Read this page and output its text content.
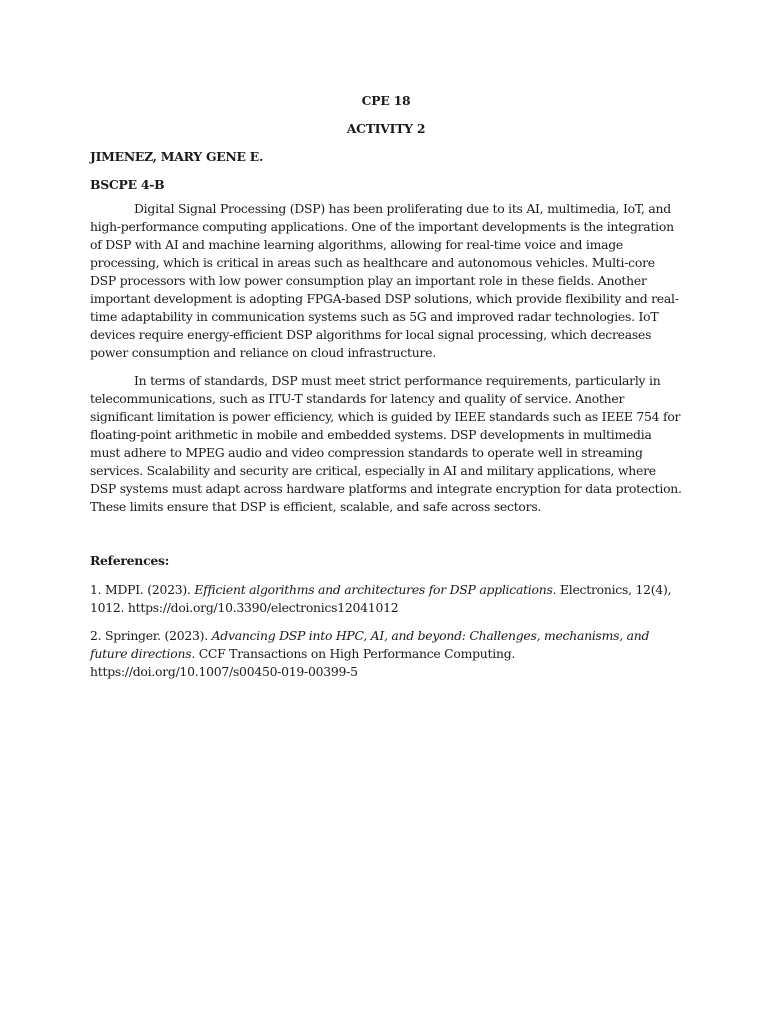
CPE 18

ACTIVITY 2

JIMENEZ, MARY GENE E.

BSCPE 4-B

Digital Signal Processing (DSP) has been proliferating due to its AI, multimedia, IoT, and high-performance computing applications. One of the important developments is the integration of DSP with AI and machine learning algorithms, allowing for real-time voice and image processing, which is critical in areas such as healthcare and autonomous vehicles. Multi-core DSP processors with low power consumption play an important role in these fields. Another important development is adopting FPGA-based DSP solutions, which provide flexibility and real-time adaptability in communication systems such as 5G and improved radar technologies. IoT devices require energy-efficient DSP algorithms for local signal processing, which decreases power consumption and reliance on cloud infrastructure.

In terms of standards, DSP must meet strict performance requirements, particularly in telecommunications, such as ITU-T standards for latency and quality of service. Another significant limitation is power efficiency, which is guided by IEEE standards such as IEEE 754 for floating-point arithmetic in mobile and embedded systems. DSP developments in multimedia must adhere to MPEG audio and video compression standards to operate well in streaming services. Scalability and security are critical, especially in AI and military applications, where DSP systems must adapt across hardware platforms and integrate encryption for data protection. These limits ensure that DSP is efficient, scalable, and safe across sectors.

References:

1. MDPI. (2023). Efficient algorithms and architectures for DSP applications. Electronics, 12(4), 1012. https://doi.org/10.3390/electronics12041012

2. Springer. (2023). Advancing DSP into HPC, AI, and beyond: Challenges, mechanisms, and future directions. CCF Transactions on High Performance Computing. https://doi.org/10.1007/s00450-019-00399-5
